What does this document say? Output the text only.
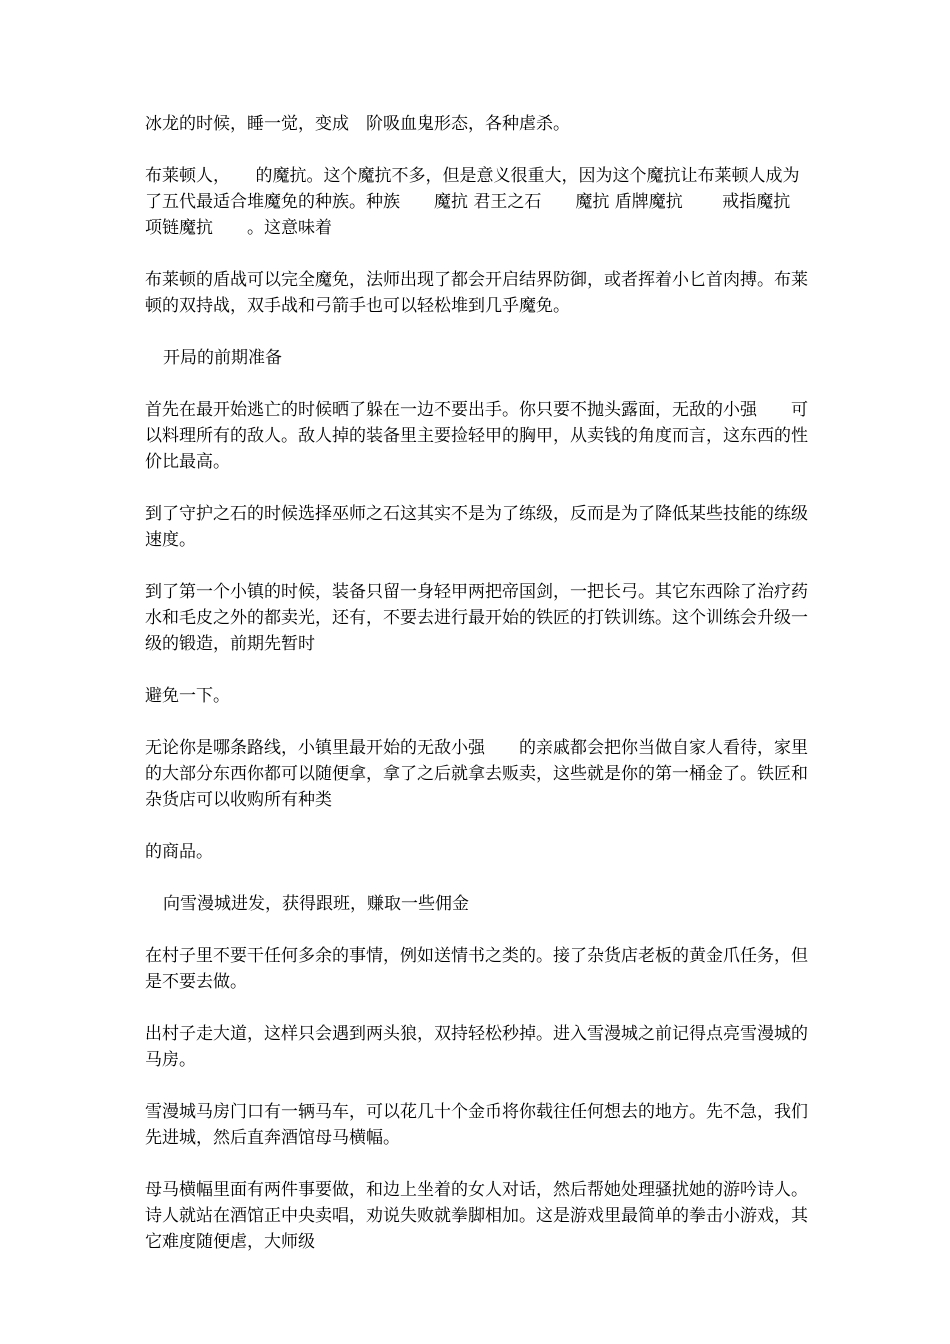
冰龙的时候，睡一觉，变成　阶吸血鬼形态，各种虐杀。

布莱顿人，　　的魔抗。这个魔抗不多，但是意义很重大，因为这个魔抗让布莱顿人成为了五代最适合堆魔免的种族。种族　　魔抗 君王之石　　魔抗 盾牌魔抗　　 戒指魔抗　　 项链魔抗　　。这意味着

布莱顿的盾战可以完全魔免，法师出现了都会开启结界防御，或者挥着小匕首肉搏。布莱顿的双持战，双手战和弓箭手也可以轻松堆到几乎魔免。

开局的前期准备

首先在最开始逃亡的时候晒了躲在一边不要出手。你只要不抛头露面，无敌的小强　　可以料理所有的敌人。敌人掉的装备里主要捡轻甲的胸甲，从卖钱的角度而言，这东西的性价比最高。

到了守护之石的时候选择巫师之石这其实不是为了练级，反而是为了降低某些技能的练级速度。

到了第一个小镇的时候，装备只留一身轻甲两把帝国剑，一把长弓。其它东西除了治疗药水和毛皮之外的都卖光，还有，不要去进行最开始的铁匠的打铁训练。这个训练会升级一级的锻造，前期先暂时

避免一下。

无论你是哪条路线，小镇里最开始的无敌小强　　的亲戚都会把你当做自家人看待，家里的大部分东西你都可以随便拿，拿了之后就拿去贩卖，这些就是你的第一桶金了。铁匠和杂货店可以收购所有种类

的商品。

向雪漫城进发，获得跟班，赚取一些佣金

在村子里不要干任何多余的事情，例如送情书之类的。接了杂货店老板的黄金爪任务，但是不要去做。

出村子走大道，这样只会遇到两头狼，双持轻松秒掉。进入雪漫城之前记得点亮雪漫城的马房。

雪漫城马房门口有一辆马车，可以花几十个金币将你载往任何想去的地方。先不急，我们先进城，然后直奔酒馆母马横幅。

母马横幅里面有两件事要做，和边上坐着的女人对话，然后帮她处理骚扰她的游吟诗人。诗人就站在酒馆正中央卖唱，劝说失败就拳脚相加。这是游戏里最简单的拳击小游戏，其它难度随便虐，大师级
